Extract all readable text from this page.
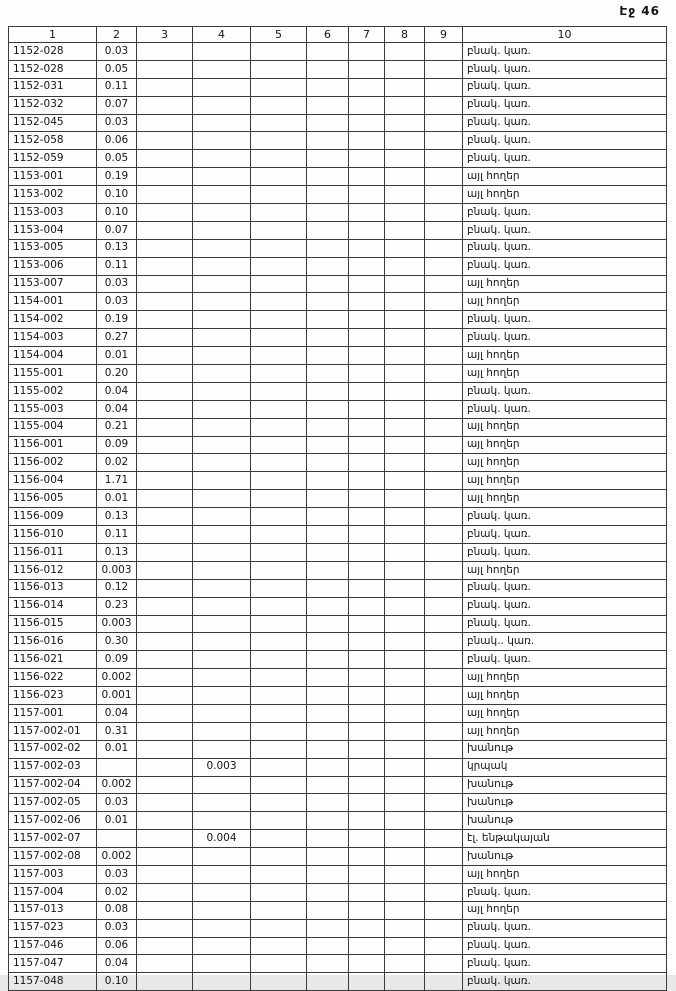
Էջ 46
1	2	3	4	5	6	7	8	9	10
1152-028	0.03								բնակ. կառ.
1152-028	0.05								բնակ. կառ.
1152-031	0.11								բնակ. կառ.
1152-032	0.07								բնակ. կառ.
1152-045	0.03								բնակ. կառ.
1152-058	0.06								բնակ. կառ.
1152-059	0.05								բնակ. կառ.
1153-001	0.19								այլ հողեր
1153-002	0.10								այլ հողեր
1153-003	0.10								բնակ. կառ.
1153-004	0.07								բնակ. կառ.
1153-005	0.13								բնակ. կառ.
1153-006	0.11								բնակ. կառ.
1153-007	0.03								այլ հողեր
1154-001	0.03								այլ հողեր
1154-002	0.19								բնակ. կառ.
1154-003	0.27								բնակ. կառ.
1154-004	0.01								այլ հողեր
1155-001	0.20								այլ հողեր
1155-002	0.04								բնակ. կառ.
1155-003	0.04								բնակ. կառ.
1155-004	0.21								այլ հողեր
1156-001	0.09								այլ հողեր
1156-002	0.02								այլ հողեր
1156-004	1.71								այլ հողեր
1156-005	0.01								այլ հողեր
1156-009	0.13								բնակ. կառ.
1156-010	0.11								բնակ. կառ.
1156-011	0.13								բնակ. կառ.
1156-012	0.003								այլ հողեր
1156-013	0.12								բնակ. կառ.
1156-014	0.23								բնակ. կառ.
1156-015	0.003								բնակ. կառ.
1156-016	0.30								բնակ.. կառ.
1156-021	0.09								բնակ. կառ.
1156-022	0.002								այլ հողեր
1156-023	0.001								այլ հողեր
1157-001	0.04								այլ հողեր
1157-002-01	0.31								այլ հողեր
1157-002-02	0.01								խանութ
1157-002-03			0.003						կրպակ
1157-002-04	0.002								խանութ
1157-002-05	0.03								խանութ
1157-002-06	0.01								խանութ
1157-002-07			0.004						էլ. ենթակայան
1157-002-08	0.002								խանութ
1157-003	0.03								այլ հողեր
1157-004	0.02								բնակ. կառ.
1157-013	0.08								այլ հողեր
1157-023	0.03								բնակ. կառ.
1157-046	0.06								բնակ. կառ.
1157-047	0.04								բնակ. կառ.
1157-048	0.10								բնակ. կառ.
